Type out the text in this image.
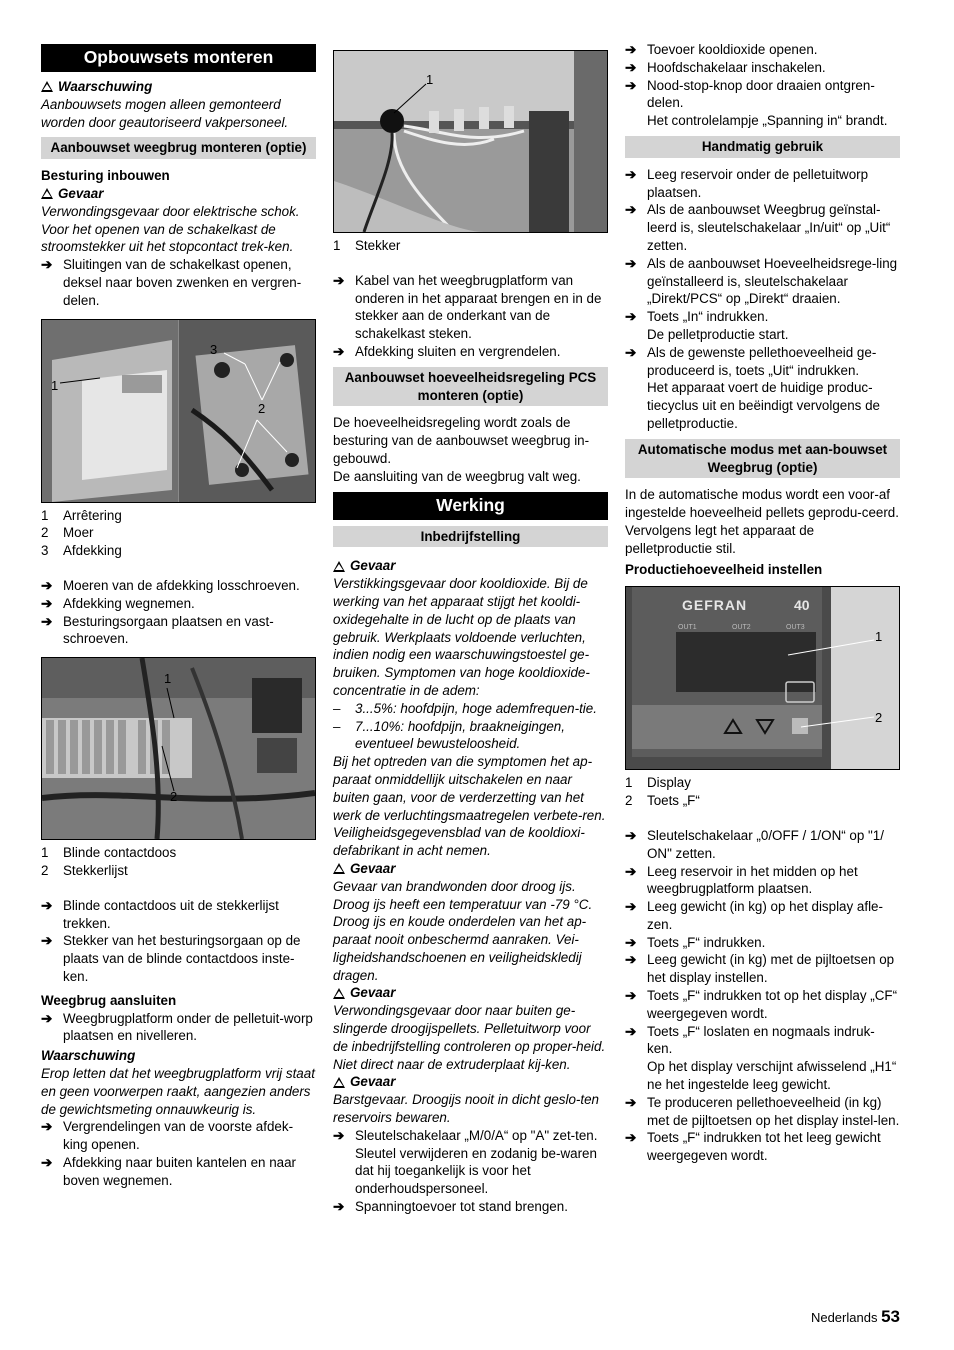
Opbouwsets monteren
Waarschuwing
Aanbouwsets mogen alleen gemonteerd worden door geautoriseerd vakpersoneel.
Aanbouwset weegbrug monteren (optie)
Besturing inbouwen
Gevaar
Verwondingsgevaar door elektrische schok. Voor het openen van de schakelkast de stroomstekker uit het stopcontact trek-ken.
➔ Sluitingen van de schakelkast openen, deksel naar boven zwenken en vergren-delen.
1
3
2
1	Arrêtering
2	Moer
3	Afdekking
➔ Moeren van de afdekking losschroeven.
➔ Afdekking wegnemen.
➔ Besturingsorgaan plaatsen en vast-schroeven.
1
2
1	Blinde contactdoos
2	Stekkerlijst
➔ Blinde contactdoos uit de stekkerlijst trekken.
➔ Stekker van het besturingsorgaan op de plaats van de blinde contactdoos inste-ken.
Weegbrug aansluiten
➔ Weegbrugplatform onder de pelletuit-worp plaatsen en nivelleren.
Waarschuwing
Erop letten dat het weegbrugplatform vrij staat en geen voorwerpen raakt, aangezien anders de gewichtsmeting onnauwkeurig is.
➔ Vergrendelingen van de voorste afdek-king openen.
➔ Afdekking naar buiten kantelen en naar boven wegnemen.
1
1	Stekker
➔ Kabel van het weegbrugplatform van onderen in het apparaat brengen en in de stekker aan de onderkant van de schakelkast steken.
➔ Afdekking sluiten en vergrendelen.
Aanbouwset hoeveelheidsregeling PCS monteren (optie)
De hoeveelheidsregeling wordt zoals de besturing van de aanbouwset weegbrug in-gebouwd.
De aansluiting van de weegbrug valt weg.
Werking
Inbedrijfstelling
Gevaar
Verstikkingsgevaar door kooldioxide. Bij de werking van het apparaat stijgt het kooldi-oxidegehalte in de lucht op de plaats van gebruik. Werkplaats voldoende verluchten, indien nodig een waarschuwingstoestel ge-bruiken. Symptomen van hoge kooldioxide-concentratie in de adem:
–	3...5%: hoofdpijn, hoge ademfrequen-tie.
–	7...10%: hoofdpijn, braakneigingen, eventueel bewusteloosheid.
Bij het optreden van die symptomen het ap-paraat onmiddellijk uitschakelen en naar buiten gaan, voor de verderzetting van het werk de verluchtingsmaatregelen verbete-ren.
Veiligheidsgegevensblad van de kooldioxi-defabrikant in acht nemen.
Gevaar
Gevaar van brandwonden door droog ijs. Droog ijs heeft een temperatuur van -79 °C. Droog ijs en koude onderdelen van het ap-paraat nooit onbeschermd aanraken. Vei-ligheidshandschoenen en veiligheidskledij dragen.
Gevaar
Verwondingsgevaar door naar buiten ge-slingerde droogijspellets. Pelletuitworp voor de inbedrijfstelling controleren op proper-heid. Niet direct naar de extruderplaat kij-ken.
Gevaar
Barstgevaar. Droogijs nooit in dicht geslo-ten reservoirs bewaren.
➔ Sleutelschakelaar „M/0/A“ op "A" zet-ten. Sleutel verwijderen en zodanig be-waren dat hij toegankelijk is voor het onderhoudspersoneel.
➔ Spanningtoevoer tot stand brengen.
➔ Toevoer kooldioxide openen.
➔ Hoofdschakelaar inschakelen.
➔ Nood-stop-knop door draaien ontgren-delen.
Het controlelampje „Spanning in“ brandt.
Handmatig gebruik
➔ Leeg reservoir onder de pelletuitworp plaatsen.
➔ Als de aanbouwset Weegbrug geïnstal-leerd is, sleutelschakelaar „In/uit“ op „Uit“ zetten.
➔ Als de aanbouwset Hoeveelheidsrege-ling geïnstalleerd is, sleutelschakelaar „Direkt/PCS“ op „Direkt“ draaien.
➔ Toets „In“ indrukken.
De pelletproductie start.
➔ Als de gewenste pellethoeveelheid ge-produceerd is, toets „Uit“ indrukken.
Het apparaat voert de huidige produc-tiecyclus uit en beëindigt vervolgens de pelletproductie.
Automatische modus met aan-bouwset Weegbrug (optie)
In de automatische modus wordt een voor-af ingestelde hoeveelheid pellets geprodu-ceerd. Vervolgens legt het apparaat de pelletproductie stil.
Productiehoeveelheid instellen
GEFRAN	40
OUT1	OUT2	OUT3
1
2
1	Display
2	Toets „F“
➔ Sleutelschakelaar „0/OFF / 1/ON“ op "1/ ON" zetten.
➔ Leeg reservoir in het midden op het weegbrugplatform plaatsen.
➔ Leeg gewicht (in kg) op het display afle-zen.
➔ Toets „F“ indrukken.
➔ Leeg gewicht (in kg) met de pijltoetsen op het display instellen.
➔ Toets „F“ indrukken tot op het display „CF“ weergegeven wordt.
➔ Toets „F“ loslaten en nogmaals indruk-ken.
Op het display verschijnt afwisselend „H1“ ne het ingestelde leeg gewicht.
➔ Te produceren pellethoeveelheid (in kg) met de pijltoetsen op het display instel-len.
➔ Toets „F“ indrukken tot het leeg gewicht weergegeven wordt.
Nederlands 53
